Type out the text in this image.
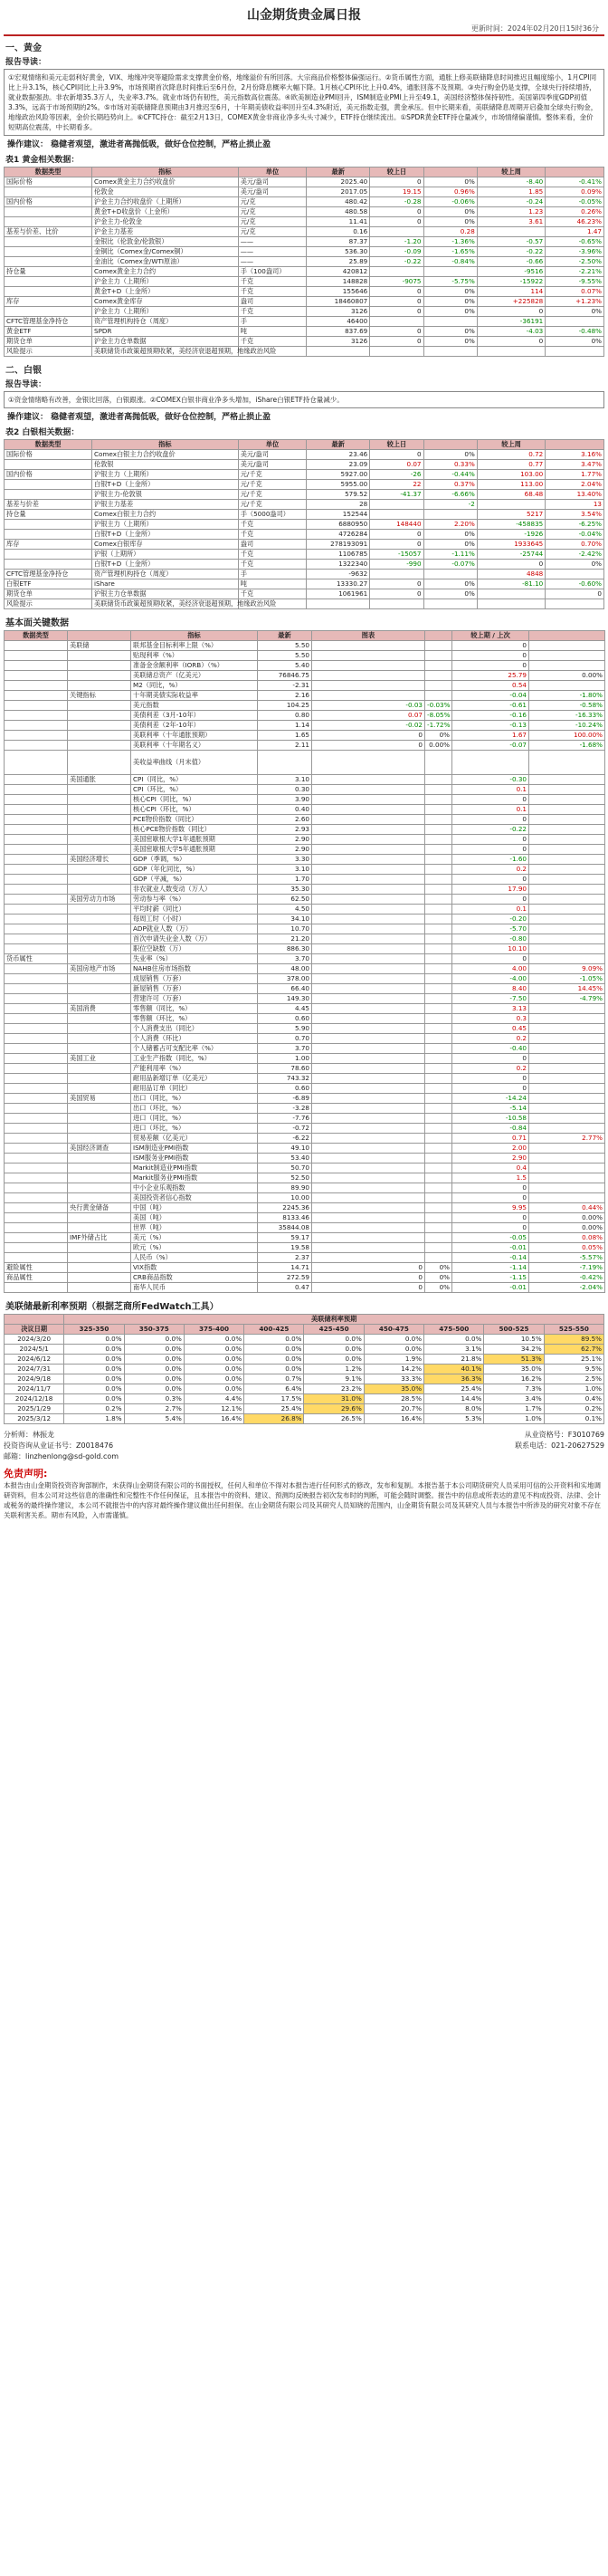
山金期货贵金属日报
更新时间：2024年02月20日15时36分
一、黄金
报告导读：
①宏观情绪和美元走弱利好黄金，VIX、地缘冲突等避险需求支撑黄金价格，地缘溢价有所回落。大宗商品价格整体偏强运行。②货币属性方面，通胀上修美联储降息时间推迟且幅度缩小，1月CPI同比上升3.1%，核心CPI同比上升3.9%，市场预期首次降息时间推后至6月份，2月份降息概率大幅下降。1月核心CPI环比上升0.4%，通胀回落不及预期。③央行购金仍是支撑，全球央行持续增持，就业数据强劲。非农新增35.3万人，失业率3.7%。就业市场仍有韧性，美元指数高位震荡。④欧美制造业PMI回升，ISM制造业PMI上升至49.1，美国经济整体保持韧性。美国第四季度GDP初值3.3%，远高于市场预期的2%。⑤市场对美联储降息预期由3月推迟至6月，十年期美债收益率回升至4.3%附近，美元指数走强，黄金承压。但中长期来看，美联储降息周期开启叠加全球央行购金，地缘政治风险等因素，金价长期趋势向上。⑥CFTC持仓：截至2月13日，COMEX黄金非商业净多头头寸减少，ETF持仓继续流出。①SPDR黄金ETF持仓量减少，市场情绪偏谨慎。整体来看，金价短期高位震荡，中长期看多。
操作建议： 稳健者观望，激进者高抛低吸，做好仓位控制，严格止损止盈
表1 黄金相关数据：
数据类型	指标	单位	最新	较上日		较上周	
国际价格	Comex黄金主力合约收盘价	美元/盎司	2025.40	0	0%	-8.40	-0.41%
	伦敦金	美元/盎司	2017.05	19.15	0.96%	1.85	0.09%
国内价格	沪金主力合约收盘价（上期所）	元/克	480.42	-0.28	-0.06%	-0.24	-0.05%
	黄金T+D收盘价（上金所）	元/克	480.58	0	0%	1.23	0.26%
	沪金主力-伦敦金	元/克	11.41	0	0%	3.61	46.23%
基差与价差、比价	沪金主力基差	元/克	0.16		0.28		1.47
	金银比（伦敦金/伦敦银）	——	87.37	-1.20	-1.36%	-0.57	-0.65%
	金铜比（Comex金/Comex铜）	——	536.30	-0.09	-1.65%	-0.22	-3.96%
	金油比（Comex金/WTI原油）	——	25.89	-0.22	-0.84%	-0.66	-2.50%
持仓量	Comex黄金主力合约	手（100盎司）	420812			-9516	-2.21%
	沪金主力（上期所）	千克	148828	-9075	-5.75%	-15922	-9.55%
	黄金T+D（上金所）	千克	155646	0	0%	114	0.07%
库存	Comex黄金库存	盎司	18460807	0	0%	+225828	+1.23%
	沪金主力（上期所）	千克	3126	0	0%	0	0%
CFTC管理基金净持仓	资产管理机构持仓（周度）	手	46400			-36191	
黄金ETF	SPDR	吨	837.69	0	0%	-4.03	-0.48%
期货仓单	沪金主力仓单数据	千克	3126	0	0%	0	0%
风险提示	美联储货币政策超预期收紧，美经济衰退超预期，地缘政治风险						
二、白银
报告导读：
①资金情绪略有改善，金银比回落，白银跟涨。②COMEX白银非商业净多头增加，iShare白银ETF持仓量减少。
操作建议： 稳健者观望，激进者高抛低吸，做好仓位控制，严格止损止盈
表2 白银相关数据：
数据类型	指标	单位	最新	较上日		较上周	
国际价格	Comex白银主力合约收盘价	美元/盎司	23.46	0	0%	0.72	3.16%
	伦敦银	美元/盎司	23.09	0.07	0.33%	0.77	3.47%
国内价格	沪银主力（上期所）	元/千克	5927.00	-26	-0.44%	103.00	1.77%
	白银T+D（上金所）	元/千克	5955.00	22	0.37%	113.00	2.04%
	沪银主力-伦敦银	元/千克	579.52	-41.37	-6.66%	68.48	13.40%
基差与价差	沪银主力基差	元/千克	28		-2		13
持仓量	Comex白银主力合约	手（5000盎司）	152544			5217	3.54%
	沪银主力（上期所）	千克	6880950	148440	2.20%	-458835	-6.25%
	白银T+D（上金所）	千克	4726284	0	0%	-1926	-0.04%
库存	Comex白银库存	盎司	278193091	0	0%	1933645	0.70%
	沪银（上期所）	千克	1106785	-15057	-1.11%	-25744	-2.42%
	白银T+D（上金所）	千克	1322340	-990	-0.07%	0	0%
CFTC管理基金净持仓	资产管理机构持仓（周度）	手	-9632			4848	
白银ETF	iShare	吨	13330.27	0	0%	-81.10	-0.60%
期货仓单	沪银主力仓单数据	千克	1061961	0	0%		0
风险提示	美联储货币政策超预期收紧，美经济衰退超预期，地缘政治风险						
基本面关键数据
数据类型		指标	最新	图表		较上期 / 上次	
	美联储	联邦基金目标利率上限（%）	5.50			0	
		贴现利率（%）	5.50			0	
		准备金余额利率（IORB）（%）	5.40			0	
		美联储总资产（亿美元）	76846.75			25.79	0.00%
		M2（同比，%）	-2.31			0.54	
	关键指标	十年期美债实际收益率	2.16			-0.04	-1.80%
		美元指数	104.25	-0.03	-0.03%	-0.61	-0.58%
		美债利差（3月-10年）	0.80	0.07	-8.05%	-0.16	-16.33%
		美债利差（2年-10年）	1.14	-0.02	-1.72%	-0.13	-10.24%
		美联利率（十年通胀预期）	1.65	0	0%	1.67	100.00%
		美联利率（十年期名义）	2.11	0	0.00%	-0.07	-1.68%
		美收益率曲线（月末值）					
	美国通胀	CPI（同比，%）	3.10			-0.30	
		CPI（环比，%）	0.30			0.1	
		核心CPI（同比，%）	3.90			0	
		核心CPI（环比，%）	0.40			0.1	
		PCE物价指数（同比）	2.60			0	
		核心PCE物价指数（同比）	2.93			-0.22	
		美国密歇根大学1年通胀预期	2.90			0	
		美国密歇根大学5年通胀预期	2.90			0	
	美国经济增长	GDP（季调，%）	3.30			-1.60	
		GDP（年化同比，%）	3.10			0.2	
		GDP（平减，%）	1.70			0	
		非农就业人数变动（万人）	35.30			17.90	
	美国劳动力市场	劳动参与率（%）	62.50			0	
		平均时薪（同比）	4.50			0.1	
		每周工时（小时）	34.10			-0.20	
		ADP就业人数（万）	10.70			-5.70	
		首次申请失业金人数（万）	21.20			-0.80	
		职位空缺数（万）	886.30			10.10	
货币属性		失业率（%）	3.70			0	
	美国房地产市场	NAHB住房市场指数	48.00			4.00	9.09%
		成屋销售（万套）	378.00			-4.00	-1.05%
		新屋销售（万套）	66.40			8.40	14.45%
		营建许可（万套）	149.30			-7.50	-4.79%
	美国消费	零售额（同比，%）	4.45			3.13	
		零售额（环比，%）	0.60			0.3	
		个人消费支出（同比）	5.90			0.45	
		个人消费（环比）	0.70			0.2	
		个人储蓄占可支配比率（%）	3.70			-0.40	
	美国工业	工业生产指数（同比，%）	1.00			0	
		产能利用率（%）	78.60			0.2	
		耐用品新增订单（亿美元）	743.32			0	
		耐用品订单（同比）	0.60			0	
	美国贸易	出口（同比，%）	-6.89			-14.24	
		出口（环比，%）	-3.28			-5.14	
		进口（同比，%）	-7.76			-10.58	
		进口（环比，%）	-0.72			-0.84	
		贸易差额（亿美元）	-6.22			0.71	2.77%
	美国经济调查	ISM制造业PMI指数	49.10			2.00	
		ISM服务业PMI指数	53.40			2.90	
		Markit制造业PMI指数	50.70			0.4	
		Markit服务业PMI指数	52.50			1.5	
		中小企业乐观指数	89.90			0	
		美国投资者信心指数	10.00			0	
	央行黄金储备	中国（吨）	2245.36			9.95	0.44%
		美国（吨）	8133.46			0	0.00%
		世界（吨）	35844.08			0	0.00%
	IMF外储占比	美元（%）	59.17			-0.05	0.08%
		欧元（%）	19.58			-0.01	0.05%
		人民币（%）	2.37			-0.14	-5.57%
避险属性		VIX指数	14.71	0	0%	-1.14	-7.19%
商品属性		CRB商品指数	272.59	0	0%	-1.15	-0.42%
		南华人民币	0.47	0	0%	-0.01	-2.04%
美联储最新利率预期（根据芝商所FedWatch工具）
	美联储利率预期								
决议日期	325-350	350-375	375-400	400-425	425-450	450-475	475-500	500-525	525-550
2024/3/20	0.0%	0.0%	0.0%	0.0%	0.0%	0.0%	0.0%	10.5%	89.5%
2024/5/1	0.0%	0.0%	0.0%	0.0%	0.0%	0.0%	3.1%	34.2%	62.7%
2024/6/12	0.0%	0.0%	0.0%	0.0%	0.0%	1.9%	21.8%	51.3%	25.1%
2024/7/31	0.0%	0.0%	0.0%	0.0%	1.2%	14.2%	40.1%	35.0%	9.5%
2024/9/18	0.0%	0.0%	0.0%	0.7%	9.1%	33.3%	36.3%	16.2%	2.5%
2024/11/7	0.0%	0.0%	0.0%	6.4%	23.2%	35.0%	25.4%	7.3%	1.0%
2024/12/18	0.0%	0.3%	4.4%	17.5%	31.0%	28.5%	14.4%	3.4%	0.4%
2025/1/29	0.2%	2.7%	12.1%	25.4%	29.6%	20.7%	8.0%	1.7%	0.2%
2025/3/12	1.8%	5.4%	16.4%	26.8%	26.5%	16.4%	5.3%	1.0%	0.1%
分析师：林振龙	从业资格号：F3010769
投资咨询从业证书号：Z0018476	联系电话：021-20627529
邮箱：linzhenlong@sd-gold.com
免责声明:
本报告由山金期货投资咨询部制作，未获得山金期货有限公司的书面授权，任何人和单位不得对本报告进行任何形式的修改，发布和复制。本报告基于本公司期货研究人员采用可信的公开资料和实地调研资料，但本公司对这些信息的准确性和完整性不作任何保证，且本报告中的资料、建议、预测均反映报告初次发布时的判断，可能会随时调整。报告中的信息或所表达的意见不构成投资、法律、会计或税务的最终操作建议，本公司不就报告中的内容对最终操作建议做出任何担保。在山金期货有限公司及其研究人员知晓的范围内，山金期货有限公司及其研究人员与本报告中所涉及的研究对象不存在关联利害关系。期市有风险，入市需谨慎。
